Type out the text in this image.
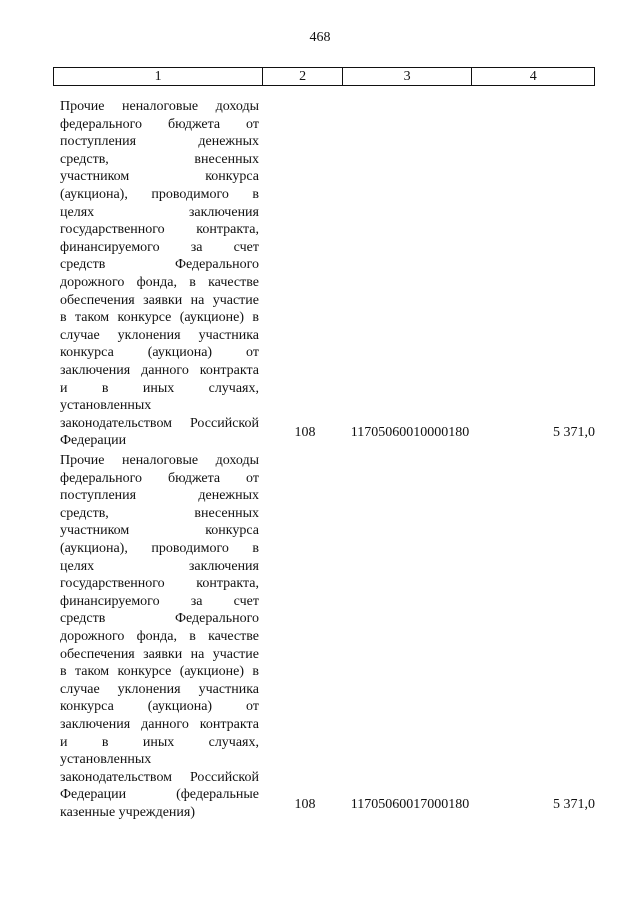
468
1	2	3	4
Прочие неналоговые доходы
федерального бюджета от
поступления денежных
средств, внесенных
участником конкурса
(аукциона), проводимого в
целях заключения
государственного контракта,
финансируемого за счет
средств Федерального
дорожного фонда, в качестве
обеспечения заявки на участие
в таком конкурсе (аукционе) в
случае уклонения участника
конкурса (аукциона) от
заключения данного контракта
и в иных случаях,
установленных
законодательством Российской
Федерации
108	11705060010000180	5 371,0
Прочие неналоговые доходы
федерального бюджета от
поступления денежных
средств, внесенных
участником конкурса
(аукциона), проводимого в
целях заключения
государственного контракта,
финансируемого за счет
средств Федерального
дорожного фонда, в качестве
обеспечения заявки на участие
в таком конкурсе (аукционе) в
случае уклонения участника
конкурса (аукциона) от
заключения данного контракта
и в иных случаях,
установленных
законодательством Российской
Федерации (федеральные
казенные учреждения)
108	11705060017000180	5 371,0
